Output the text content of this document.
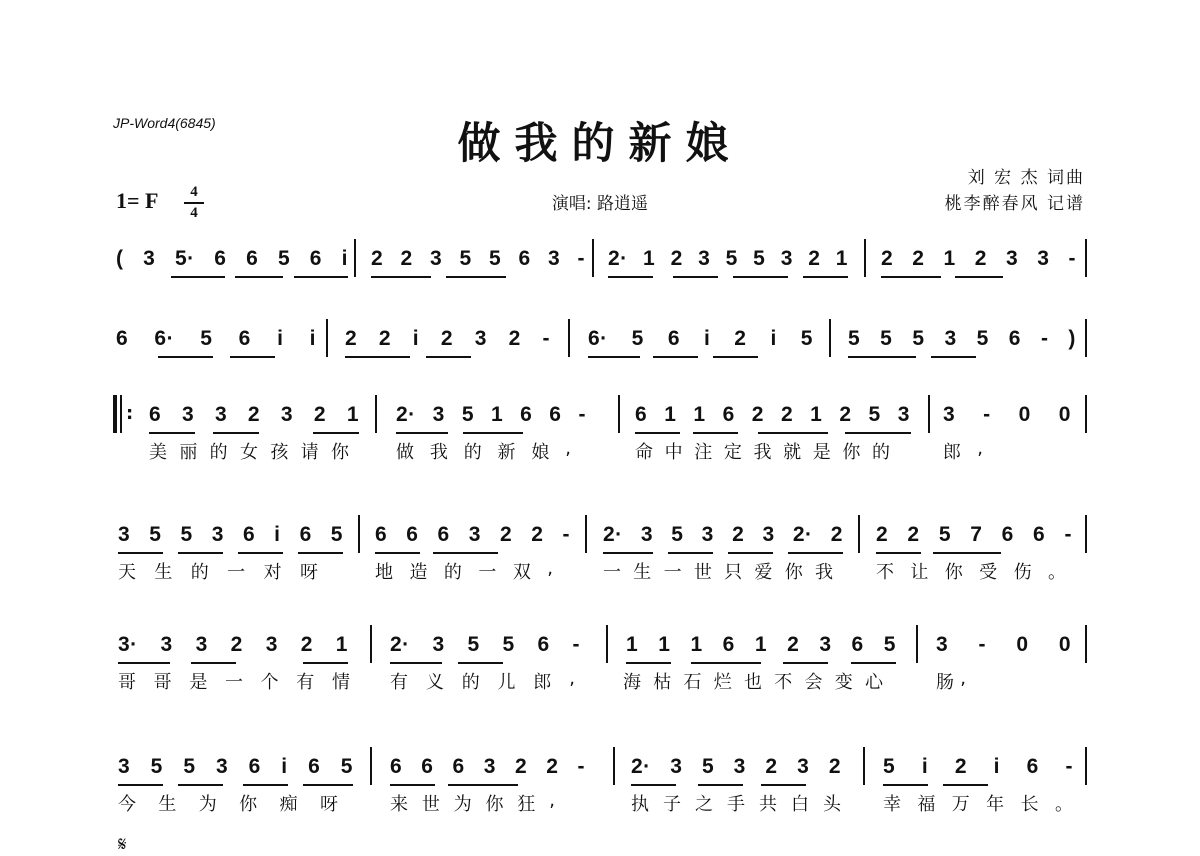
JP-Word4(6845)	做我的新娘
刘 宏 杰 词曲
桃李醉春风 记谱
1= F	4
4	演唱: 路逍遥
( 3 5· 6 6 5 6 i 2 2 3 5 5 6 3 - 2· 1 2 3 5 5 3 2 1 2 2 1 2 3 3 -
6 6· 5 6 i i 2 2 i 2 3 2 - 6· 5 6 i 2 i 5 5 5 5 3 5 6 - )
: 6 3 3 2 3 2 1 2· 3 5 1 6 6 - 6 1 1 6 2 2 1 2 5 3 3 - 0 0
美 丽 的 女 孩 请 你	做 我 的 新 娘 ,	命 中 注 定 我 就 是 你 的	郎 ,
3 5 5 3 6 i 6 5 6 6 6 3 2 2 - 2· 3 5 3 2 3 2· 2 2 2 5 7 6 6 -
天 生 的 一 对 呀	地 造 的 一 双 ,	一 生 一 世 只 爱 你 我 不 让 你 受 伤 。
3· 3 3 2 3 2 1 2· 3 5 5 6 - 1 1 1 6 1 2 3 6 5 3 - 0 0
哥 哥 是 一 个 有 情 有 义 的 儿 郎 ,	海 枯 石 烂 也 不 会 变 心	肠 ,
3 5 5 3 6 i 6 5 6 6 6 3 2 2 - 2· 3 5 3 2 3 2 5 i 2 i 6 -
今 生 为 你 痴 呀	来 世 为 你 狂 ,	执 子 之 手 共 白 头 幸 福 万 年 长 。
𝄋
